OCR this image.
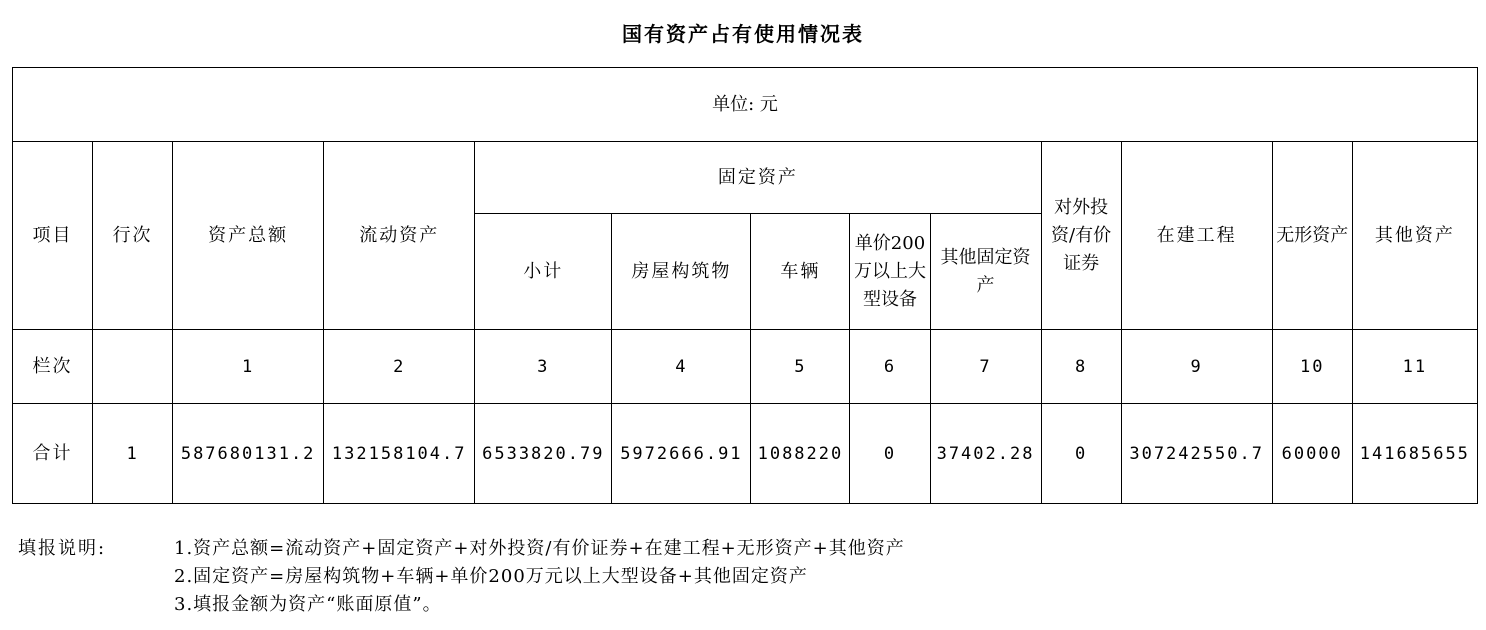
国有资产占有使用情况表
单位: 元												
项目	行次	资产总额	流动资产	固定资产					对外投资/有价证券	在建工程	无形资产	其他资产
				小计	房屋构筑物	车辆	单价200万以上大型设备	其他固定资产				
栏次		1	2	3	4	5	6	7	8	9	10	11
合计	1	587680131.2	132158104.7	6533820.79	5972666.91	1088220	0	37402.28	0	307242550.7	60000	141685655
填报说明:	1.资产总额=流动资产+固定资产+对外投资/有价证券+在建工程+无形资产+其他资产
2.固定资产=房屋构筑物+车辆+单价200万元以上大型设备+其他固定资产
3.填报金额为资产“账面原值”。
